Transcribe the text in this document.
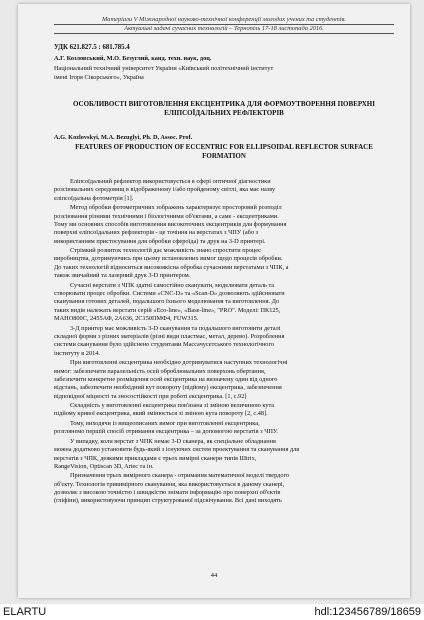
Матеріали V Міжнародної науково-технічної конференції молодих учених та студентів.
Актуальні задачі сучасних технологій – Тернопіль 17-18 листопада 2016.
УДК 621.827.5 : 681.785.4
А.Г. Козловський, М.О. Безуглий, канд. техн. наук, доц.
Національний технічний університет України «Київський політехнічний інститут
імені Ігоря Сікорського», Україна
ОСОБЛИВОСТІ ВИГОТОВЛЕННЯ ЕКСЦЕНТРИКА ДЛЯ ФОРМОУТВОРЕННЯ ПОВЕРХНІ ЕЛІПСОЇДАЛЬНИХ РЕФЛЕКТОРІВ
A.G. Kozlovskyi, M.A. Bezuglyi, Ph. D, Assoc. Prof.
FEATURES OF PRODUCTION OF ECCENTRIC FOR ELLIPSOIDAL REFLECTOR SURFACE FORMATION

Еліпсоїдальний рефлектор використовується в сфері оптичної діагностики
розсіювальних середовищ в відображеному і/або пройденому світлі, яка має назву
еліпсоїдальна фотометрія [1].

Метод обробки фотометричних зображень характеризує просторовий розподіл
розсіювання різними технічними і біологічними об'єктами, а саме - ексцентриками.
Тому ми основних способів виготовлення високоточних ексцентриків для формування
поверхні еліпсоїдальних рефлекторів - це точіння на верстатах з ЧПУ (або з
використанням пристосування для обробки сфероїда) та друк на 3-D принтері.

Стрімкий розвиток технологій дає можливість знано спростити процес
виробництва, дотримуючись при цьому встановлених вимог щодо процесів обробки.
До таких технологій відноситься високоякісна обробка сучасними верстатами з ЧПК, а
також звичайний та лазерний друк 3-D принтером.

Сучасні верстати з ЧПК здатні самостійно сканувати, моделювати деталь та
створювати процес обробки. Системи «CNC-D» та «Scan-D» дозволяють здійснювати
сканування готових деталей, подальшого їхнього моделювання та виготовлення. До
таких видів належать верстати серій «Eco-line», «Base-line», "PRO". Моделі: ПК125,
МАНО800С, 2455АФ, 2А636, 2С150ПМФ4, FUW315.

3-Д принтер має можливість 3-D сканування та подальшого виготовити деталі
складної форми з різних матеріалів (різні види пластмас, метал, дерево). Розроблення
системи сканування було здійснено студентами Массачусетського технологічного
інституту в 2014.

При виготовленні ексцентрика необхідно дотримуватися наступних технологічні
вимог: забезпечити паралельність осей оброблювальних поверхонь обертання,
забезпечити конкретне розміщення осей ексцентрика на визначену один від одного
відстань, забезпечити необхідний кут повороту (підйому) ексцентрика, забезпечення
відповідної міцності та зносостійкості при роботі ексцентрика. [1, с.92]

Складність у виготовленні ексцентрика пов'язана зі зміною величиною кута
підйому кривої ексцентрика, який змінюється зі зміною кута повороту [2, с.48].

Тому, виходячи із вищеописаних вимог при виготовленні ексцентрика,
розглянемо першій спосіб отримання ексцентрика – за допомогою верстатів з ЧПУ.

У випадку, коли верстат з ЧПК немає 3-D сканера, як спеціальне обладнання
можна додатково установити будь-який з існуючих систем проектування та сканування для
верстатів з ЧПК, деякими прикладами є трьох вимірні сканери типів Шtrix,
RangeVision, Optiscan 3D, Artec та ін.

Призначення трьох вимірного сканера - отримання математичної моделі твердого
об'єкту. Технологія тривимірного сканування, яка використовується в даному сканері,
дозволяє з високою точністю і швидкістю знімати інформацію про поверхні об'єктів
(гліфіни), використовуючи принцип структурованої підсвічування. Всі дані виходять

44
ELARTU	hdl:123456789/18659
